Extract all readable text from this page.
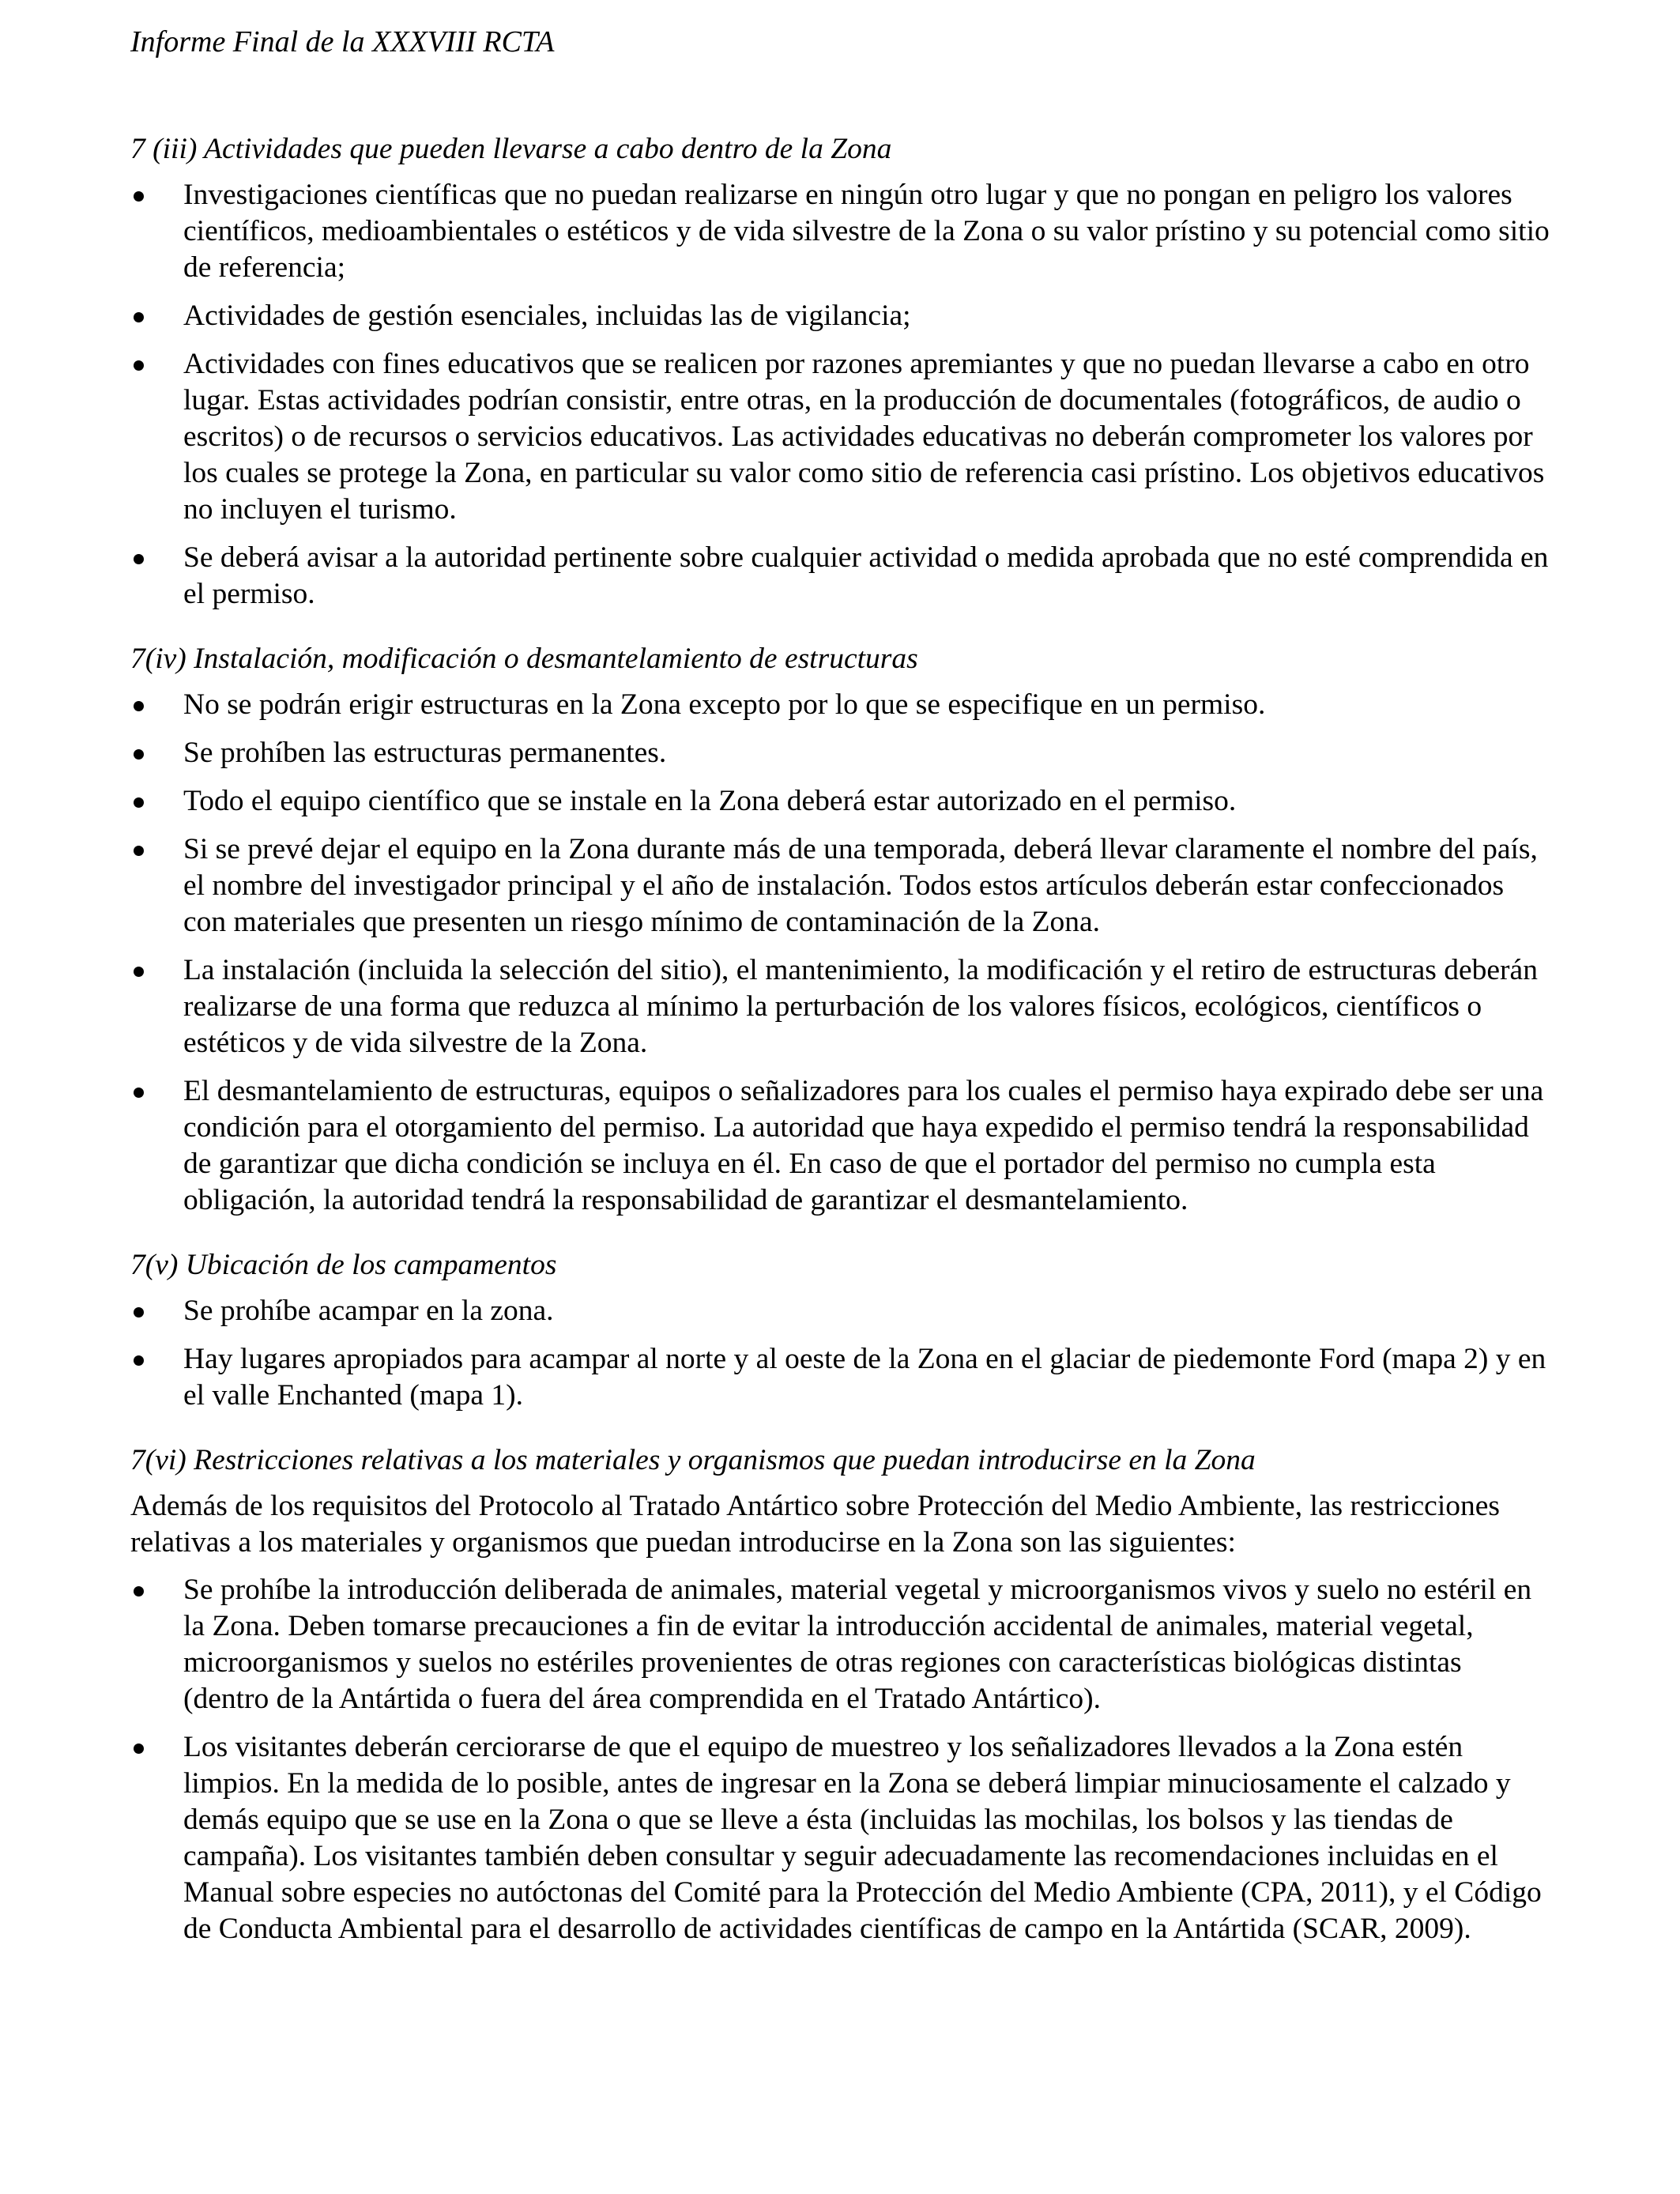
Informe Final de la XXXVIII RCTA
7 (iii) Actividades que pueden llevarse a cabo dentro de la Zona
Investigaciones científicas que no puedan realizarse en ningún otro lugar y que no pongan en peligro los valores científicos, medioambientales o estéticos y de vida silvestre de la Zona o su valor prístino y su potencial como sitio de referencia;
Actividades de gestión esenciales, incluidas las de vigilancia;
Actividades con fines educativos que se realicen por razones apremiantes y que no puedan llevarse a cabo en otro lugar. Estas actividades podrían consistir, entre otras, en la producción de documentales (fotográficos, de audio o escritos) o de recursos o servicios educativos. Las actividades educativas no deberán comprometer los valores por los cuales se protege la Zona, en particular su valor como sitio de referencia casi prístino. Los objetivos educativos no incluyen el turismo.
Se deberá avisar a la autoridad pertinente sobre cualquier actividad o medida aprobada que no esté comprendida en el permiso.
7(iv) Instalación, modificación o desmantelamiento de estructuras
No se podrán erigir estructuras en la Zona excepto por lo que se especifique en un permiso.
Se prohíben las estructuras permanentes.
Todo el equipo científico que se instale en la Zona deberá estar autorizado en el permiso.
Si se prevé dejar el equipo en la Zona durante más de una temporada, deberá llevar claramente el nombre del país, el nombre del investigador principal y el año de instalación. Todos estos artículos deberán estar confeccionados con materiales que presenten un riesgo mínimo de contaminación de la Zona.
La instalación (incluida la selección del sitio), el mantenimiento, la modificación y el retiro de estructuras deberán realizarse de una forma que reduzca al mínimo la perturbación de los valores físicos, ecológicos, científicos o estéticos y de vida silvestre de la Zona.
El desmantelamiento de estructuras, equipos o señalizadores para los cuales el permiso haya expirado debe ser una condición para el otorgamiento del permiso. La autoridad que haya expedido el permiso tendrá la responsabilidad de garantizar que dicha condición se incluya en él. En caso de que el portador del permiso no cumpla esta obligación, la autoridad tendrá la responsabilidad de garantizar el desmantelamiento.
7(v) Ubicación de los campamentos
Se prohíbe acampar en la zona.
Hay lugares apropiados para acampar al norte y al oeste de la Zona en el glaciar de piedemonte Ford (mapa 2) y en el valle Enchanted (mapa 1).
7(vi) Restricciones relativas a los materiales y organismos que puedan introducirse en la Zona
Además de los requisitos del Protocolo al Tratado Antártico sobre Protección del Medio Ambiente, las restricciones relativas a los materiales y organismos que puedan introducirse en la Zona son las siguientes:
Se prohíbe la introducción deliberada de animales, material vegetal y microorganismos vivos y suelo no estéril en la Zona. Deben tomarse precauciones a fin de evitar la introducción accidental de animales, material vegetal, microorganismos y suelos no estériles provenientes de otras regiones con características biológicas distintas (dentro de la Antártida o fuera del área comprendida en el Tratado Antártico).
Los visitantes deberán cerciorarse de que el equipo de muestreo y los señalizadores llevados a la Zona estén limpios. En la medida de lo posible, antes de ingresar en la Zona se deberá limpiar minuciosamente el calzado y demás equipo que se use en la Zona o que se lleve a ésta (incluidas las mochilas, los bolsos y las tiendas de campaña). Los visitantes también deben consultar y seguir adecuadamente las recomendaciones incluidas en el Manual sobre especies no autóctonas del Comité para la Protección del Medio Ambiente (CPA, 2011), y el Código de Conducta Ambiental para el desarrollo de actividades científicas de campo en la Antártida (SCAR, 2009).
